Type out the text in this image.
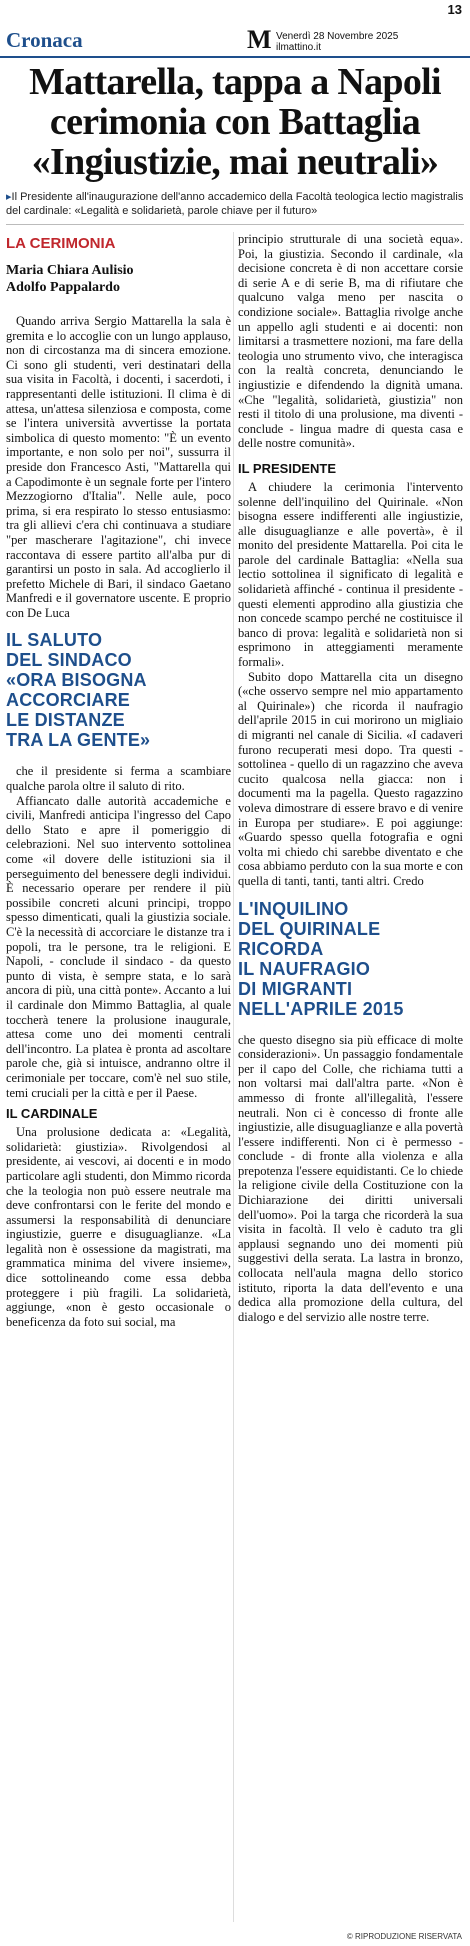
13
Cronaca	M Venerdì 28 Novembre 2025
ilmattino.it
Mattarella, tappa a Napoli
cerimonia con Battaglia
«Ingiustizie, mai neutrali»
▸Il Presidente all'inaugurazione dell'anno accademico della Facoltà teologica lectio magistralis del cardinale: «Legalità e solidarietà, parole chiave per il futuro»
LA CERIMONIA
Maria Chiara Aulisio
Adolfo Pappalardo

Quando arriva Sergio Mattarella la sala è gremita e lo accoglie con un lungo applauso, non di circostanza ma di sincera emozione. Ci sono gli studenti, veri destinatari della sua visita in Facoltà, i docenti, i sacerdoti, i rappresentanti delle istituzioni. Il clima è di attesa, un'attesa silenziosa e composta, come se l'intera università avvertisse la portata simbolica di questo momento: "È un evento importante, e non solo per noi", sussurra il preside don Francesco Asti, "Mattarella qui a Capodimonte è un segnale forte per l'intero Mezzogiorno d'Italia". Nelle aule, poco prima, si era respirato lo stesso entusiasmo: tra gli allievi c'era chi continuava a studiare "per mascherare l'agitazione", chi invece raccontava di essere partito all'alba pur di garantirsi un posto in sala. Ad accoglierlo il prefetto Michele di Bari, il sindaco Gaetano Manfredi e il governatore uscente. E proprio con De Luca

IL SALUTO
DEL SINDACO
«ORA BISOGNA
ACCORCIARE
LE DISTANZE
TRA LA GENTE»

che il presidente si ferma a scambiare qualche parola oltre il saluto di rito.

Affiancato dalle autorità accademiche e civili, Manfredi anticipa l'ingresso del Capo dello Stato e apre il pomeriggio di celebrazioni. Nel suo intervento sottolinea come «il dovere delle istituzioni sia il perseguimento del benessere degli individui. È necessario operare per rendere il più possibile concreti alcuni principi, troppo spesso dimenticati, quali la giustizia sociale. C'è la necessità di accorciare le distanze tra i popoli, tra le persone, tra le religioni. E Napoli, - conclude il sindaco - da questo punto di vista, è sempre stata, e lo sarà ancora di più, una città ponte». Accanto a lui il cardinale don Mimmo Battaglia, al quale toccherà tenere la prolusione inaugurale, attesa come uno dei momenti centrali dell'incontro. La platea è pronta ad ascoltare parole che, già si intuisce, andranno oltre il cerimoniale per toccare, com'è nel suo stile, temi cruciali per la città e per il Paese.

IL CARDINALE

Una prolusione dedicata a: «Legalità, solidarietà: giustizia». Rivolgendosi al presidente, ai vescovi, ai docenti e in modo particolare agli studenti, don Mimmo ricorda che la teologia non può essere neutrale ma deve confrontarsi con le ferite del mondo e assumersi la responsabilità di denunciare ingiustizie, guerre e disuguaglianze. «La legalità non è ossessione da magistrati, ma grammatica minima del vivere insieme», dice sottolineando come essa debba proteggere i più fragili. La solidarietà, aggiunge, «non è gesto occasionale o beneficenza da foto sui social, ma

principio strutturale di una società equa». Poi, la giustizia. Secondo il cardinale, «la decisione concreta è di non accettare corsie di serie A e di serie B, ma di rifiutare che qualcuno valga meno per nascita o condizione sociale». Battaglia rivolge anche un appello agli studenti e ai docenti: non limitarsi a trasmettere nozioni, ma fare della teologia uno strumento vivo, che interagisca con la realtà concreta, denunciando le ingiustizie e difendendo la dignità umana. «Che "legalità, solidarietà, giustizia" non resti il titolo di una prolusione, ma diventi - conclude - lingua madre di questa casa e delle nostre comunità».

IL PRESIDENTE

A chiudere la cerimonia l'intervento solenne dell'inquilino del Quirinale. «Non bisogna essere indifferenti alle ingiustizie, alle disuguaglianze e alle povertà», è il monito del presidente Mattarella. Poi cita le parole del cardinale Battaglia: «Nella sua lectio sottolinea il significato di legalità e solidarietà affinché - continua il presidente - questi elementi approdino alla giustizia che non concede scampo perché ne costituisce il banco di prova: legalità e solidarietà non si esprimono in atteggiamenti meramente formali».

Subito dopo Mattarella cita un disegno («che osservo sempre nel mio appartamento al Quirinale») che ricorda il naufragio dell'aprile 2015 in cui morirono un migliaio di migranti nel canale di Sicilia. «I cadaveri furono recuperati mesi dopo. Tra questi - sottolinea - quello di un ragazzino che aveva cucito qualcosa nella giacca: non i documenti ma la pagella. Questo ragazzino voleva dimostrare di essere bravo e di venire in Europa per studiare». E poi aggiunge: «Guardo spesso quella fotografia e ogni volta mi chiedo chi sarebbe diventato e che cosa abbiamo perduto con la sua morte e con quella di tanti, tanti, tanti altri. Credo

L'INQUILINO
DEL QUIRINALE
RICORDA
IL NAUFRAGIO
DI MIGRANTI
NELL'APRILE 2015

che questo disegno sia più efficace di molte considerazioni». Un passaggio fondamentale per il capo del Colle, che richiama tutti a non voltarsi mai dall'altra parte. «Non è ammesso di fronte all'illegalità, l'essere neutrali. Non ci è concesso di fronte alle ingiustizie, alle disuguaglianze e alla povertà l'essere indifferenti. Non ci è permesso - conclude - di fronte alla violenza e alla prepotenza l'essere equidistanti. Ce lo chiede la religione civile della Costituzione con la Dichiarazione dei diritti universali dell'uomo». Poi la targa che ricorderà la sua visita in facoltà. Il velo è caduto tra gli applausi segnando uno dei momenti più suggestivi della serata. La lastra in bronzo, collocata nell'aula magna dello storico istituto, riporta la data dell'evento e una dedica alla promozione della cultura, del dialogo e del servizio alle nostre terre.

© RIPRODUZIONE RISERVATA
